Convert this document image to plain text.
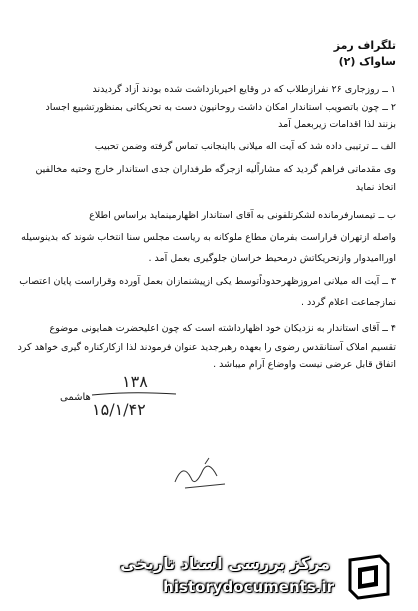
تلگراف رمز
ساواک (۲)
۱ ــ روزجاری ۲۶ نفرازطلاب که در وقایع اخیربازداشت شده بودند آزاد گردیدند
۲ ــ چون باتصویب استاندار امکان داشت روحانیون دست به تحریکاتی بمنظورتشییع اجساد
بزنند لذا اقدامات زیربعمل آمد
الف ــ ترتیبی داده شد که آیت اله میلانی بااینجانب تماس گرفته وضمن تحبیب
وی مقدماتی فراهم گردید که مشاراًلیه ازجرگه طرفداران جدی استاندار خارج وحتیه مخالفین
اتخاذ نماید
ب ــ تیمسارفرمانده لشکرتلفونی به آقای استاندار اظهارمینماید براساس اطلاع
واصله ازتهران قراراست بفرمان مطاع ملوکانه به ریاست مجلس سنا انتخاب شوند که بدینوسیله
اوراامیدوار وازتحریکاتش درمحیط خراسان جلوگیری بعمل آمد .
۳ ــ آیت اله میلانی امروزظهرحدوداًتوسط یکی ازپیشنمازان بعمل آورده وقراراست پایان اعتصاب
نمازجماعت اعلام گردد .
۴ ــ آقای استاندار به نزدیکان خود اظهارداشته است که چون اعلیحضرت همایونی موضوع
تقسیم املاک آستانقدس رضوی را بعهده رهبرجدید عنوان فرمودند لذا ازکارکناره گیری خواهد کرد
اتفاق قابل عرضی نیست واوضاع آرام میباشد .
۱۳۸
هاشمی
۱۵/۱/۴۲
مرکز بررسی اسناد تاریخی
historydocuments.ir
